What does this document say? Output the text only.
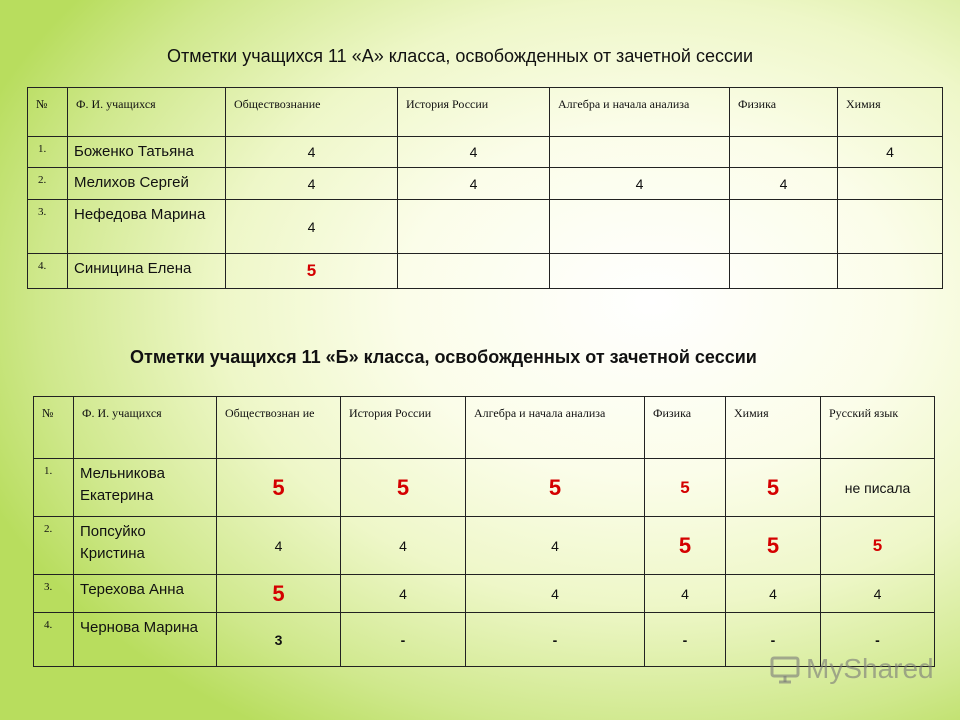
Отметки учащихся 11 «А» класса, освобожденных от зачетной сессии
№	Ф. И. учащихся	Обществознание	История России	Алгебра и начала анализа	Физика	Химия
1.	Боженко Татьяна	4	4			4
2.	Мелихов Сергей	4	4	4	4	
3.	Нефедова Марина	4				
4.	Синицина Елена	5				
Отметки учащихся 11 «Б» класса, освобожденных от зачетной сессии
№	Ф. И. учащихся	Обществознан ие	История России	Алгебра и начала анализа	Физика	Химия	Русский язык
1.	Мельникова Екатерина	5	5	5	5	5	не писала
2.	Попсуйко Кристина	4	4	4	5	5	5
3.	Терехова Анна	5	4	4	4	4	4
4.	Чернова Марина	3	-	-	-	-	-
MyShared
